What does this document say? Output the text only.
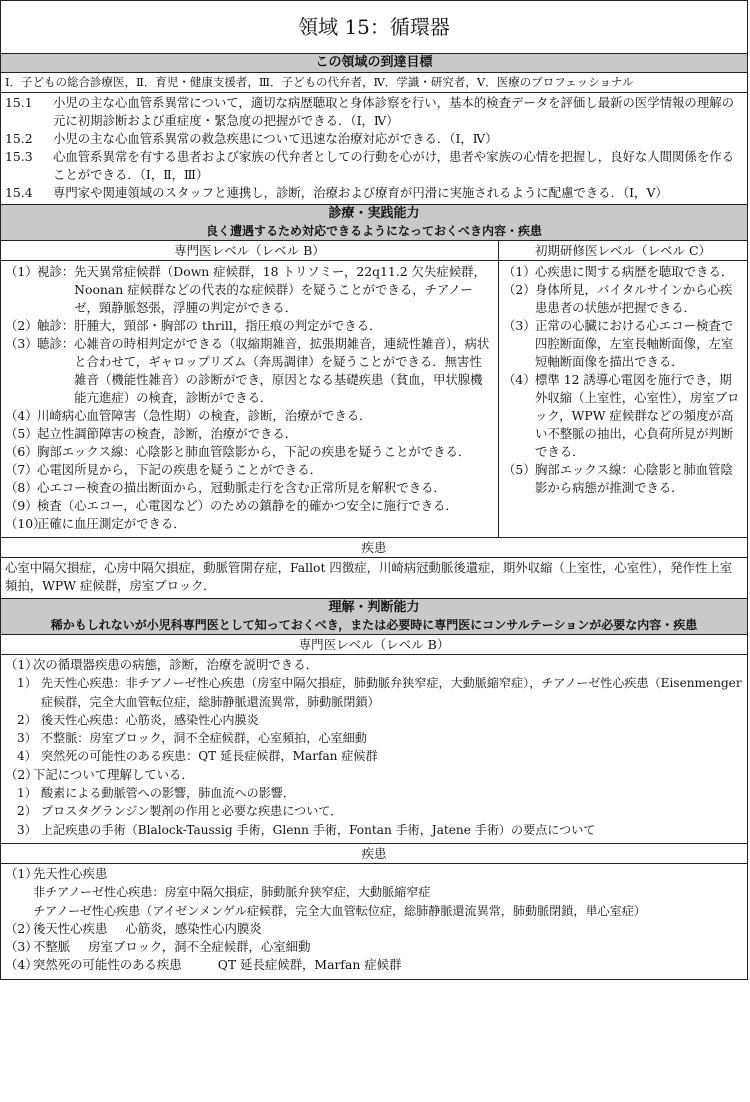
領域 15：循環器
この領域の到達目標
Ⅰ．子どもの総合診療医，Ⅱ．育児・健康支援者，Ⅲ．子どもの代弁者，Ⅳ．学識・研究者，Ⅴ．医療のプロフェッショナル
15.1	小児の主な心血管系異常について，適切な病歴聴取と身体診察を行い，基本的検査データを評価し最新の医学情報の理解の元に初期診断および重症度・緊急度の把握ができる．（Ⅰ，Ⅳ）
15.2	小児の主な心血管系異常の救急疾患について迅速な治療対応ができる．（Ⅰ，Ⅳ）
15.3	心血管系異常を有する患者および家族の代弁者としての行動を心がけ，患者や家族の心情を把握し，良好な人間関係を作ることができる．（Ⅰ，Ⅱ，Ⅲ）
15.4	専門家や関連領域のスタッフと連携し，診断，治療および療育が円滑に実施されるように配慮できる．（Ⅰ，Ⅴ）
診療・実践能力
良く遭遇するため対応できるようになっておくべき内容・疾患
専門医レベル（レベル B）
（1） 視診： 先天異常症候群（Down 症候群，18 トリソミー，22q11.2 欠失症候群，Noonan 症候群などの代表的な症候群）を疑うことができる，チアノーゼ，頸静脈怒張，浮腫の判定ができる．
（2） 触診： 肝腫大，頸部・胸部の thrill，指圧痕の判定ができる．
（3） 聴診： 心雑音の時相判定ができる（収縮期雑音，拡張期雑音，連続性雑音），病状と合わせて，ギャロップリズム（奔馬調律）を疑うことができる．無害性雑音（機能性雑音）の診断ができ，原因となる基礎疾患（貧血，甲状腺機能亢進症）の検査，診断ができる．
（4） 川崎病心血管障害（急性期）の検査，診断，治療ができる．
（5） 起立性調節障害の検査，診断，治療ができる．
（6） 胸部エックス線：心陰影と肺血管陰影から，下記の疾患を疑うことができる．
（7） 心電図所見から，下記の疾患を疑うことができる．
（8） 心エコー検査の描出断面から，冠動脈走行を含む正常所見を解釈できる．
（9） 検査（心エコー，心電図など）のための鎮静を的確かつ安全に施行できる．
（10）
正確に血圧測定ができる．
初期研修医レベル（レベル C）
（1） 心疾患に関する病歴を聴取できる．
（2） 身体所見，バイタルサインから心疾患患者の状態が把握できる．
（3） 正常の心臓における心エコー検査で四腔断面像，左室長軸断面像，左室短軸断面像を描出できる．
（4） 標準 12 誘導心電図を施行でき，期外収縮（上室性，心室性），房室ブロック，WPW 症候群などの頻度が高い不整脈の抽出，心負荷所見が判断できる．
（5） 胸部エックス線：心陰影と肺血管陰影から病態が推測できる．
疾患
心室中隔欠損症，心房中隔欠損症，動脈管開存症，Fallot 四徴症，川崎病冠動脈後遺症，期外収縮（上室性，心室性），発作性上室頻拍，WPW 症候群，房室ブロック．
理解・判断能力
稀かもしれないが小児科専門医として知っておくべき，または必要時に専門医にコンサルテーションが必要な内容・疾患
専門医レベル（レベル B）
（1）
次の循環器疾患の病態，診断，治療を説明できる．
1） 先天性心疾患：非チアノーゼ性心疾患（房室中隔欠損症，肺動脈弁狭窄症，大動脈縮窄症），チアノーゼ性心疾患（Eisenmenger 症候群，完全大血管転位症，総肺静脈還流異常，肺動脈閉鎖）
2） 後天性心疾患：心筋炎，感染性心内膜炎
3） 不整脈：房室ブロック，洞不全症候群，心室頻拍，心室細動
4） 突然死の可能性のある疾患：QT 延長症候群，Marfan 症候群
（2）
下記について理解している．
1） 酸素による動脈管への影響，肺血流への影響．
2） プロスタグランジン製剤の作用と必要な疾患について．
3） 上記疾患の手術（Blalock-Taussig 手術，Glenn 手術，Fontan 手術，Jatene 手術）の要点について
疾患
（1）
先天性心疾患
非チアノーゼ性心疾患：房室中隔欠損症，肺動脈弁狭窄症，大動脈縮窄症
チアノーゼ性心疾患（アイゼンメンゲル症候群，完全大血管転位症，総肺静脈還流異常，肺動脈閉鎖，単心室症）
（2）
後天性心疾患 心筋炎，感染性心内膜炎
（3）
不整脈 房室ブロック，洞不全症候群，心室細動
（4）
突然死の可能性のある疾患	QT 延長症候群，Marfan 症候群
